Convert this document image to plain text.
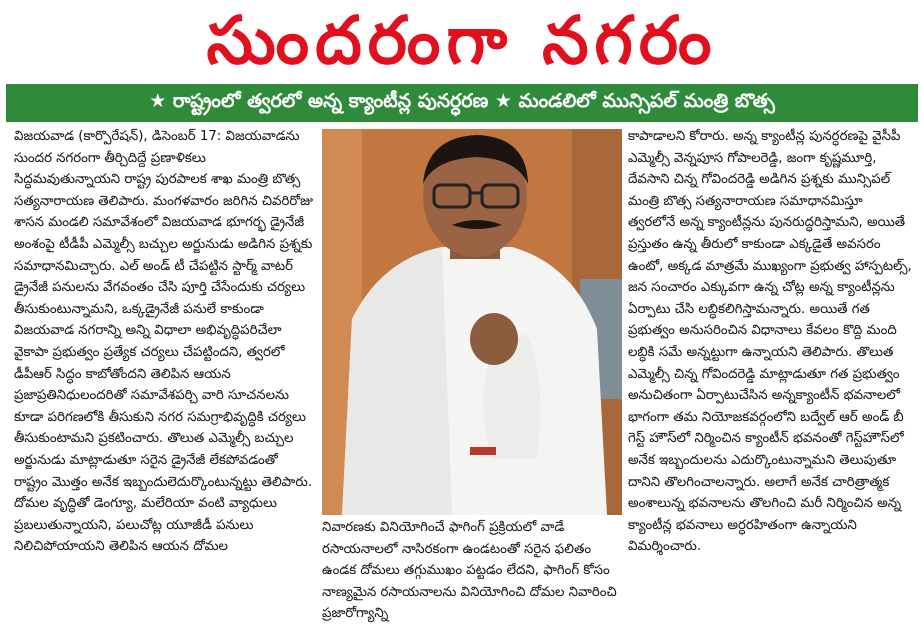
సుందరంగా నగరం
★ రాష్ట్రంలో త్వరలో అన్న క్యాంటీన్ల పునర్ధరణ ★ మండలిలో మున్సిపల్ మంత్రి బొత్స

విజయవాడ (కార్పొరేషన్), డిసెంబర్ 17: విజయవాడను సుందర నగరంగా తీర్చిదిద్దే ప్రణాళికలు సిద్ధమవుతున్నాయని రాష్ట్ర పురపాలక శాఖ మంత్రి బొత్స సత్యనారాయణ తెలిపారు. మంగళవారం జరిగిన చివరిరోజు శాసన మండలి సమావేశంలో విజయవాడ భూగర్భ డ్రైనేజీ అంశంపై టీడీపీ ఎమ్మెల్సీ బచ్చుల అర్జునుడు అడిగిన ప్రశ్నకు సమాధానమిచ్చారు. ఎల్ అండ్ టీ చేపట్టిన స్టార్మ్ వాటర్ డ్రైనేజీ పనులను వేగవంతం చేసి పూర్తి చేసేందుకు చర్యలు తీసుకుంటున్నామని, ఒక్కడ్రైనేజీ పనులే కాకుండా విజయవాడ నగరాన్ని అన్ని విధాలా అభివృద్ధిపరిచేలా వైకాపా ప్రభుత్వం ప్రత్యేక చర్యలు చేపట్టిందని, త్వరలో డీపీఆర్ సిద్ధం కాబోతోందని తెలిపిన ఆయన ప్రజాప్రతినిధులందరితో సమావేశపర్చి వారి సూచనలను కూడా పరిగణలోకి తీసుకుని నగర సమగ్రాభివృద్ధికి చర్యలు తీసుకుంటామని ప్రకటించారు. తొలుత ఎమ్మెల్సీ బచ్చుల అర్జునుడు మాట్లాడుతూ సరైన డ్రైనేజీ లేకపోవడంతో రాష్ట్రం మొత్తం అనేక ఇబ్బందులెదుర్కొంటున్నట్టు తెలిపారు. దోమల వృద్ధితో డెంగ్యూ, మలేరియా వంటి వ్యాధులు ప్రబలుతున్నాయని, పలుచోట్ల యూజీడీ పనులు నిలిచిపోయాయని తెలిపిన ఆయన దోమల

నివారణకు వినియోగించే ఫాగింగ్ ప్రక్రియలో వాడే రసాయనాలలో నాసిరకంగా ఉండటంతో సరైన ఫలితం ఉండక దోమలు తగ్గుముఖం పట్టడం లేదని, ఫాగింగ్ కోసం నాణ్యమైన రసాయనాలను వినియోగించి దోమల నివారించి ప్రజారోగ్యాన్ని

కాపాడాలని కోరారు. అన్న క్యాంటీన్ల పునర్ధరణపై వైసీపీ ఎమ్మెల్సీ వెన్నపూస గోపాలరెడ్డి, జంగా కృష్ణమూర్తి, దేవసాని చిన్న గోవిందరెడ్డి అడిగిన ప్రశ్నకు మున్సిపల్ మంత్రి బొత్స సత్యనారాయణ సమాధానమిస్తూ త్వరలోనే అన్న క్యాంటీన్లను పునరుద్ధరిస్తామని, అయితే ప్రస్తుతం ఉన్న తీరులో కాకుండా ఎక్కడైతే అవసరం ఉంటో, అక్కడ మాత్రమే ముఖ్యంగా ప్రభుత్వ హాస్పటల్స్, జన సంచారం ఎక్కువగా ఉన్న చోట్ల అన్న క్యాంటీన్లను ఏర్పాటు చేసి లబ్ధికలిగిస్తామన్నారు. అయితే గత ప్రభుత్వం అనుసరించిన విధానాలు కేవలం కొద్ది మంది లబ్ధికి సమే అన్నట్టుగా ఉన్నాయని తెలిపారు. తొలుత ఎమ్మెల్సీ చిన్న గోవిందరెడ్డి మాట్లాడుతూ గత ప్రభుత్వం అనుచితంగా ఏర్పాటుచేసిన అన్నక్యాంటీన్ భవనాలలో భాగంగా తమ నియోజకవర్గంలోని బద్వేల్ ఆర్ అండ్ బీ గెస్ట్ హౌస్‌లో నిర్మించిన క్యాంటీన్ భవనంతో గెస్ట్‌హౌస్‌లో అనేక ఇబ్బందులను ఎదుర్కొంటున్నామని తెలుపుతూ దానిని తొలగించాలన్నారు. అలాగే అనేక చారిత్రాత్మక అంశాలున్న భవనాలను తొలగించి మరీ నిర్మించిన అన్న క్యాంటీన్ల భవనాలు అర్ధరహితంగా ఉన్నాయని విమర్శించారు.
